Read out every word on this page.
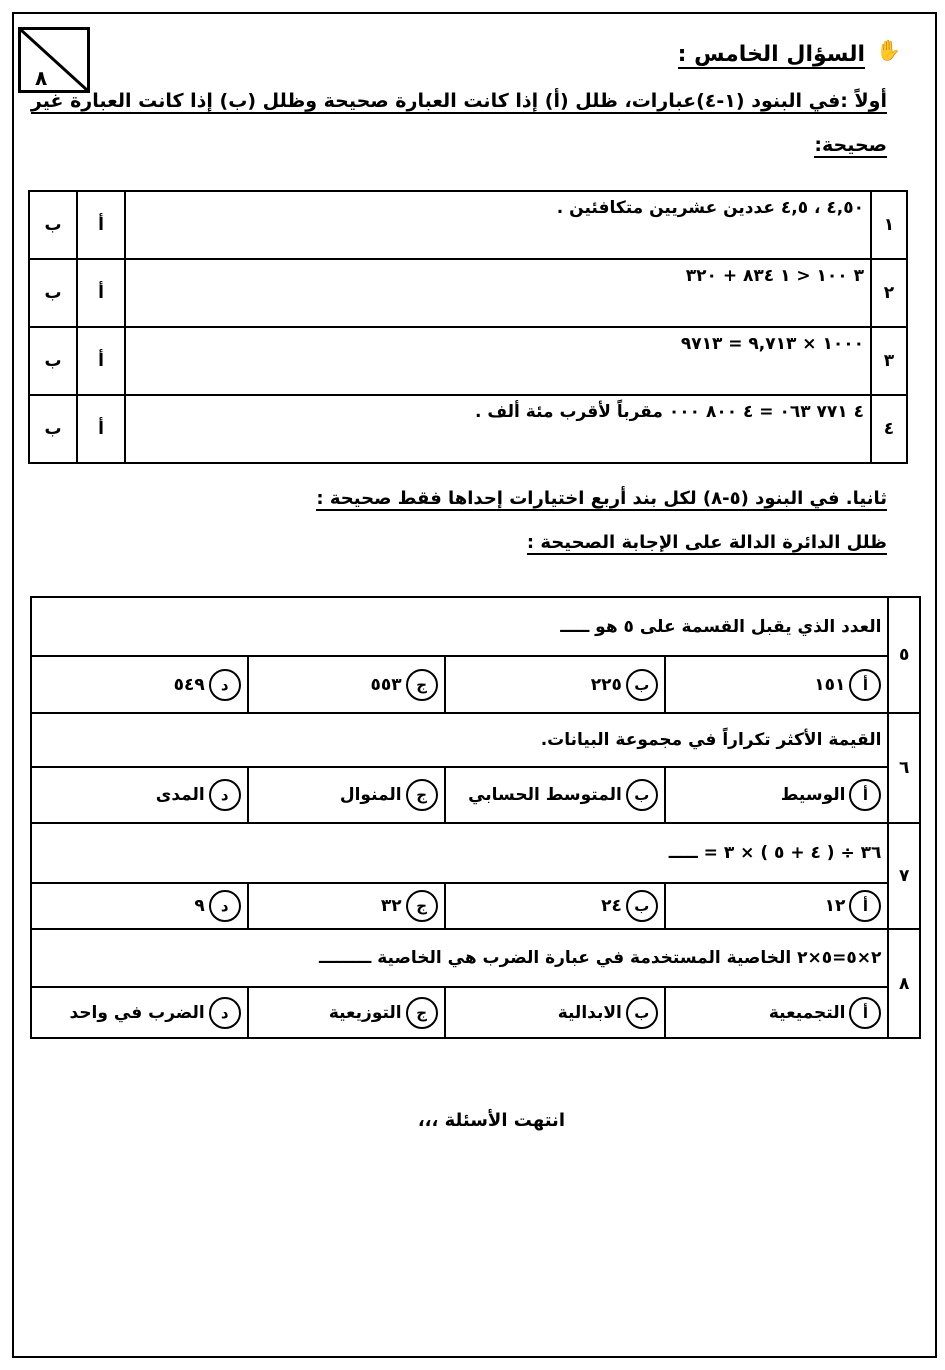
٨
✋
السؤال الخامس :
أولاً :في البنود (١-٤)عبارات، ظلل (أ) إذا كانت العبارة صحيحة وظلل (ب) إذا كانت العبارة غير
صحيحة:
١	٤,٥٠ ، ٤,٥ عددين عشريين متكافئين .	أ	ب
٢	٣ ١٠٠ < ١ ٨٣٤ + ٣٢٠	أ	ب
٣	١٠٠٠ × ٩,٧١٣ = ٩٧١٣	أ	ب
٤	٤ ٧٧١ ٠٦٣ = ٤ ٨٠٠ ٠٠٠ مقرباً لأقرب مئة ألف .	أ	ب
ثانيا. في البنود (٥-٨) لكل بند أربع اختيارات إحداها فقط صحيحة :
ظلل الدائرة الدالة على الإجابة الصحيحة :
٥	العدد الذي يقبل القسمة على ٥ هو ـــــ			
	أ١٥١	ب٢٢٥	ج٥٥٣	د٥٤٩
٦	القيمة الأكثر تكراراً في مجموعة البيانات.			
	أالوسيط	بالمتوسط الحسابي	جالمنوال	دالمدى
٧	٣٦ ÷ ( ٤ + ٥ ) × ٣ = ـــــ			
	أ١٢	ب٢٤	ج٣٢	د٩
٨	٢×٥=٥×٢ الخاصية المستخدمة في عبارة الضرب هي الخاصية ـــــــــ			
	أالتجميعية	بالابدالية	جالتوزيعية	دالضرب في واحد
انتهت الأسئلة ،،،
